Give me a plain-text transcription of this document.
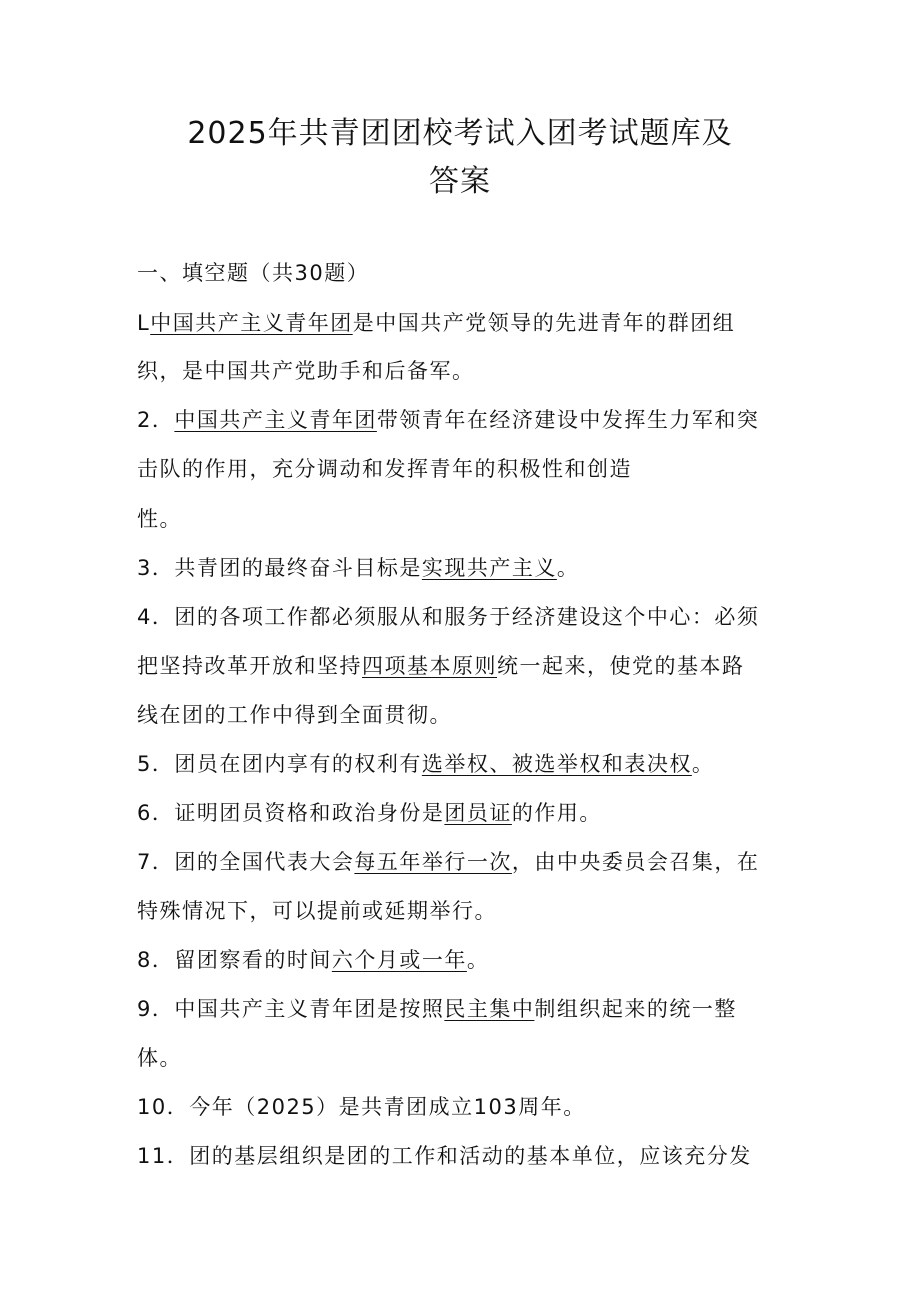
2025年共青团团校考试入团考试题库及
答案
一、填空题（共30题）
L中国共产主义青年团是中国共产党领导的先进青年的群团组
织，是中国共产党助手和后备军。
2．中国共产主义青年团带领青年在经济建设中发挥生力军和突
击队的作用，充分调动和发挥青年的积极性和创造
性。
3．共青团的最终奋斗目标是实现共产主义。
4．团的各项工作都必须服从和服务于经济建设这个中心：必须
把坚持改革开放和坚持四项基本原则统一起来，使党的基本路
线在团的工作中得到全面贯彻。
5．团员在团内享有的权利有选举权、被选举权和表决权。
6．证明团员资格和政治身份是团员证的作用。
7．团的全国代表大会每五年举行一次，由中央委员会召集，在
特殊情况下，可以提前或延期举行。
8．留团察看的时间六个月或一年。
9．中国共产主义青年团是按照民主集中制组织起来的统一整
体。
10．今年（2025）是共青团成立103周年。
11．团的基层组织是团的工作和活动的基本单位，应该充分发
